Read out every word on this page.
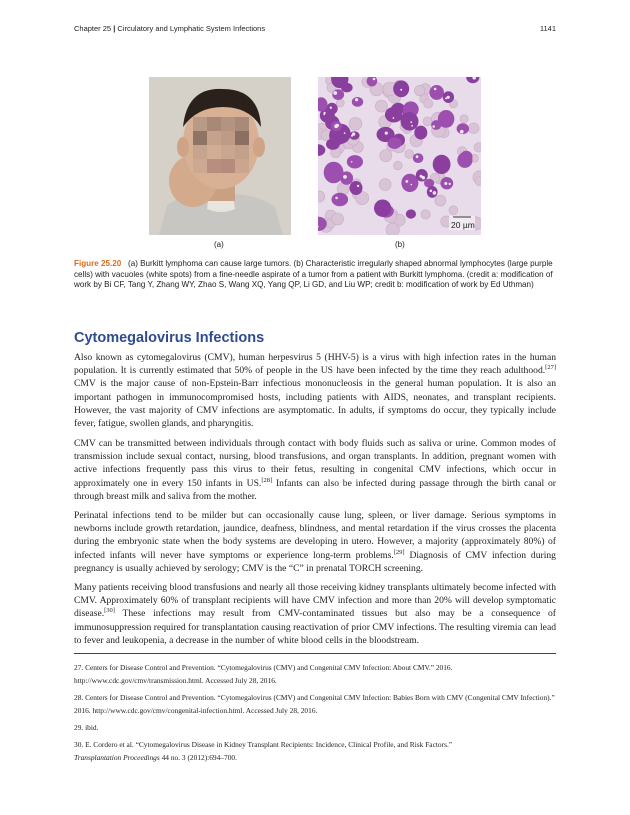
Chapter 25 | Circulatory and Lymphatic System Infections	1141
20 µm
(a)	(b)
Figure 25.20 (a) Burkitt lymphoma can cause large tumors. (b) Characteristic irregularly shaped abnormal lymphocytes (large purple cells) with vacuoles (white spots) from a fine-needle aspirate of a tumor from a patient with Burkitt lymphoma. (credit a: modification of work by Bi CF, Tang Y, Zhang WY, Zhao S, Wang XQ, Yang QP, Li GD, and Liu WP; credit b: modification of work by Ed Uthman)
Cytomegalovirus Infections

Also known as cytomegalovirus (CMV), human herpesvirus 5 (HHV-5) is a virus with high infection rates in the human population. It is currently estimated that 50% of people in the US have been infected by the time they reach adulthood.[27] CMV is the major cause of non-Epstein-Barr infectious mononucleosis in the general human population. It is also an important pathogen in immunocompromised hosts, including patients with AIDS, neonates, and transplant recipients. However, the vast majority of CMV infections are asymptomatic. In adults, if symptoms do occur, they typically include fever, fatigue, swollen glands, and pharyngitis.

CMV can be transmitted between individuals through contact with body fluids such as saliva or urine. Common modes of transmission include sexual contact, nursing, blood transfusions, and organ transplants. In addition, pregnant women with active infections frequently pass this virus to their fetus, resulting in congenital CMV infections, which occur in approximately one in every 150 infants in US.[28] Infants can also be infected during passage through the birth canal or through breast milk and saliva from the mother.

Perinatal infections tend to be milder but can occasionally cause lung, spleen, or liver damage. Serious symptoms in newborns include growth retardation, jaundice, deafness, blindness, and mental retardation if the virus crosses the placenta during the embryonic state when the body systems are developing in utero. However, a majority (approximately 80%) of infected infants will never have symptoms or experience long-term problems.[29] Diagnosis of CMV infection during pregnancy is usually achieved by serology; CMV is the “C” in prenatal TORCH screening.

Many patients receiving blood transfusions and nearly all those receiving kidney transplants ultimately become infected with CMV. Approximately 60% of transplant recipients will have CMV infection and more than 20% will develop symptomatic disease.[30] These infections may result from CMV-contaminated tissues but also may be a consequence of immunosuppression required for transplantation causing reactivation of prior CMV infections. The resulting viremia can lead to fever and leukopenia, a decrease in the number of white blood cells in the bloodstream.

27. Centers for Disease Control and Prevention. “Cytomegalovirus (CMV) and Congenital CMV Infection: About CMV.” 2016. http://www.cdc.gov/cmv/transmission.html. Accessed July 28, 2016.

28. Centers for Disease Control and Prevention. “Cytomegalovirus (CMV) and Congenital CMV Infection: Babies Born with CMV (Congenital CMV Infection).” 2016. http://www.cdc.gov/cmv/congenital-infection.html. Accessed July 28, 2016.

29. ibid.

30. E. Cordero et al. “Cytomegalovirus Disease in Kidney Transplant Recipients: Incidence, Clinical Profile, and Risk Factors.”
Transplantation Proceedings 44 no. 3 (2012):694–700.
